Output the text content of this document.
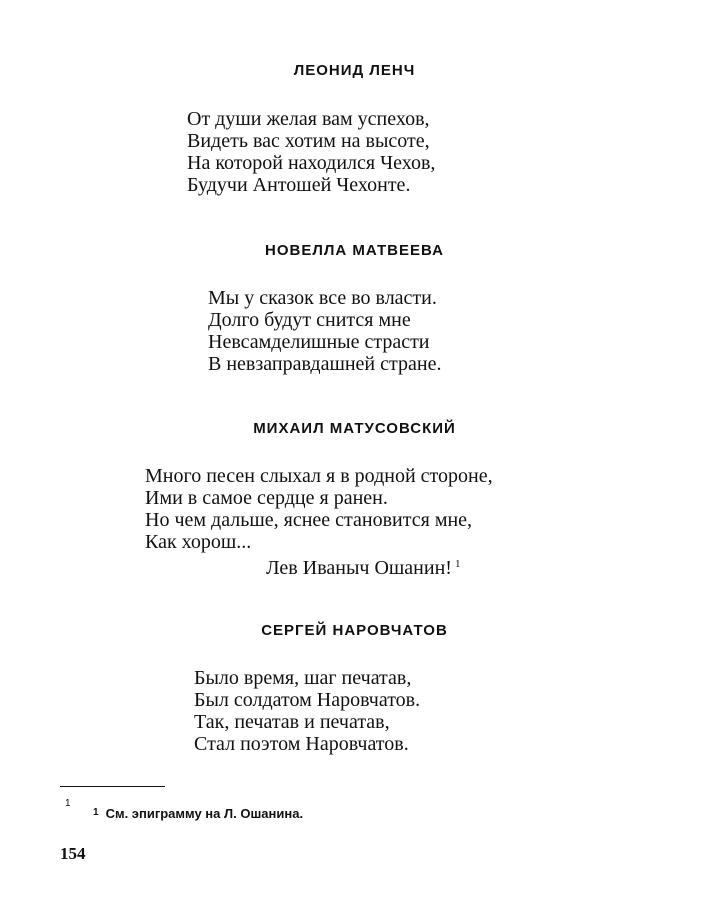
ЛЕОНИД ЛЕНЧ
От души желая вам успехов,
Видеть вас хотим на высоте,
На которой находился Чехов,
Будучи Антошей Чехонте.
НОВЕЛЛА МАТВЕЕВА
Мы у сказок все во власти.
Долго будут снится мне
Невсамделишные страсти
В невзаправдашней стране.
МИХАИЛ МАТУСОВСКИЙ
Много песен слыхал я в родной стороне,
Ими в самое сердце я ранен.
Но чем дальше, яснее становится мне,
Как хорош...
Лев Иваныч Ошанин! $^1$
СЕРГЕЙ НАРОВЧАТОВ
Было время, шаг печатав,
Был солдатом Наровчатов.
Так, печатав и печатав,
Стал поэтом Наровчатов.
1
$^1$ См. эпиграмму на Л. Ошанина.
154
